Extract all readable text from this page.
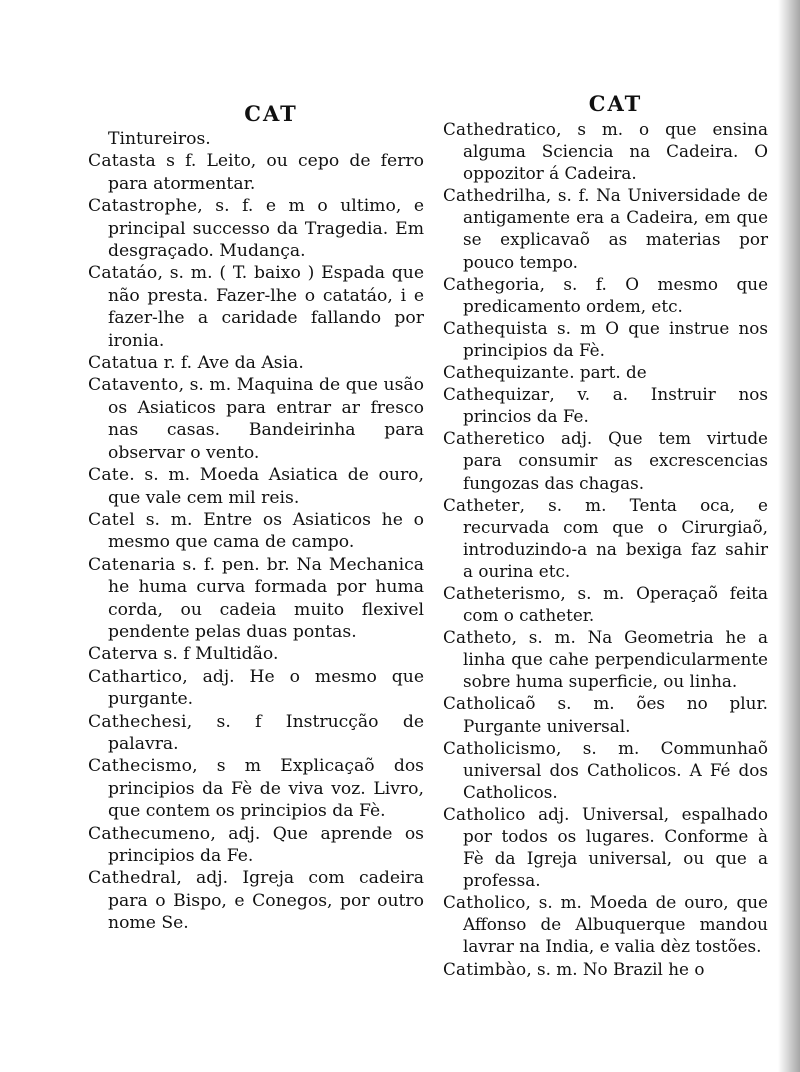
CAT
Tintureiros.
Catasta s f. Leito, ou cepo de ferro para atormentar.
Catastrophe, s. f. e m o ultimo, e principal successo da Tragedia. Em desgraçado. Mudança.
Catatáo, s. m. ( T. baixo ) Espada que não presta. Fazer-lhe o catatáo, i e fazer-lhe a caridade fallando por ironia.
Catatua r. f. Ave da Asia.
Catavento, s. m. Maquina de que usão os Asiaticos para entrar ar fresco nas casas. Bandeirinha para observar o vento.
Cate. s. m. Moeda Asiatica de ouro, que vale cem mil reis.
Catel s. m. Entre os Asiaticos he o mesmo que cama de campo.
Catenaria s. f. pen. br. Na Mechanica he huma curva formada por huma corda, ou cadeia muito flexivel pendente pelas duas pontas.
Caterva s. f Multidão.
Cathartico, adj. He o mesmo que purgante.
Cathechesi, s. f Instrucção de palavra.
Cathecismo, s m Explicaçaõ dos principios da Fè de viva voz. Livro, que contem os principios da Fè.
Cathecumeno, adj. Que aprende os principios da Fe.
Cathedral, adj. Igreja com cadeira para o Bispo, e Conegos, por outro nome Se.
CAT
Cathedratico, s m. o que ensina alguma Sciencia na Cadeira. O oppozitor á Cadeira.
Cathedrilha, s. f. Na Universidade de antigamente era a Cadeira, em que se explicavaõ as materias por pouco tempo.
Cathegoria, s. f. O mesmo que predicamento ordem, etc.
Cathequista s. m O que instrue nos principios da Fè.
Cathequizante. part. de
Cathequizar, v. a. Instruir nos princios da Fe.
Catheretico adj. Que tem virtude para consumir as excrescencias fungozas das chagas.
Catheter, s. m. Tenta oca, e recurvada com que o Cirurgiaõ, introduzindo-a na bexiga faz sahir a ourina etc.
Catheterismo, s. m. Operaçaõ feita com o catheter.
Catheto, s. m. Na Geometria he a linha que cahe perpendicularmente sobre huma superficie, ou linha.
Catholicaõ s. m. ões no plur. Purgante universal.
Catholicismo, s. m. Communhaõ universal dos Catholicos. A Fé dos Catholicos.
Catholico adj. Universal, espalhado por todos os lugares. Conforme à Fè da Igreja universal, ou que a professa.
Catholico, s. m. Moeda de ouro, que Affonso de Albuquerque mandou lavrar na India, e valia dèz tostões.
Catimbào, s. m. No Brazil he o
